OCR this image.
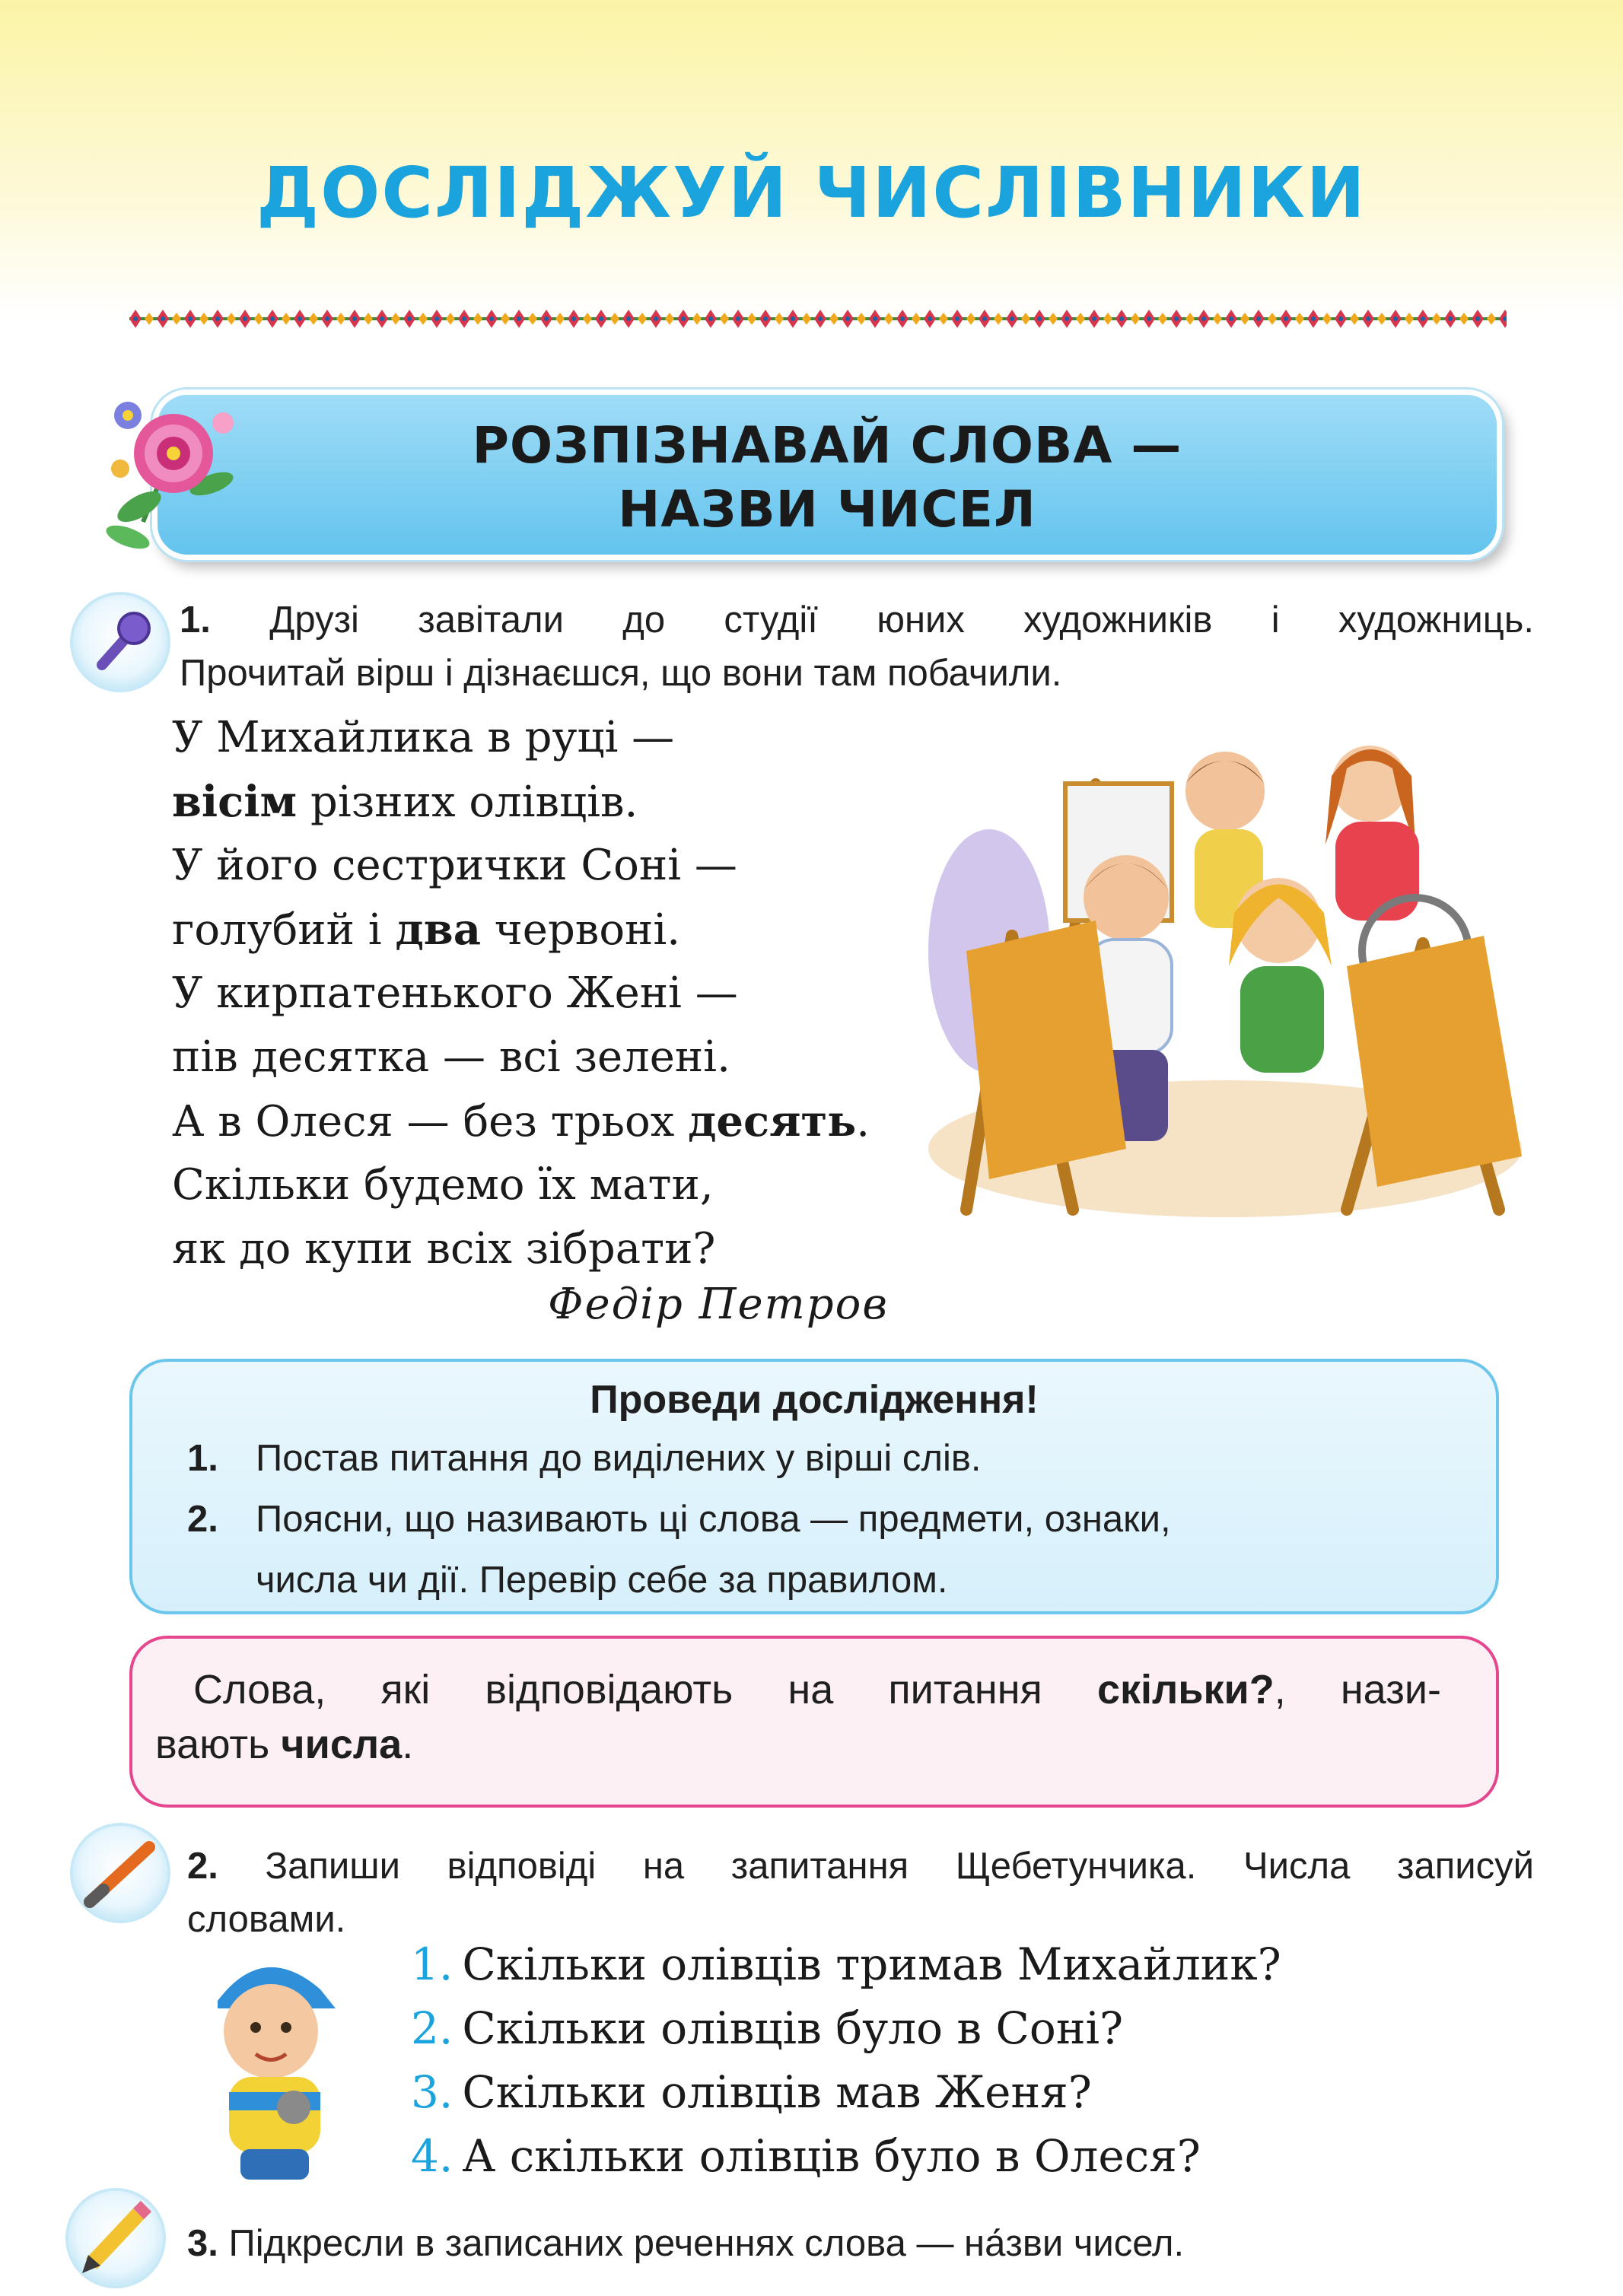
ДОСЛІДЖУЙ ЧИСЛІВНИКИ
РОЗПІЗНАВАЙ СЛОВА —
НАЗВИ ЧИСЕЛ
1. Друзі завітали до студії юних художників і художниць.
Прочитай вірш і дізнаєшся, що вони там побачили.
У Михайлика в руці —
вісім різних олівців.
У його сестрички Соні —
голубий і два червоні.
У кирпатенького Жені —
пів десятка — всі зелені.
А в Олеся — без трьох десять.
Скільки будемо їх мати,
як до купи всіх зібрати?
Федір Петров
Проведи дослідження!
1. Постав питання до виділених у вірші слів.
2. Поясни, що називають ці слова — предмети, ознаки,
числа чи дії. Перевір себе за правилом.
Слова, які відповідають на питання скільки?, нази-
вають числа.
2. Запиши відповіді на запитання Щебетунчика. Числа записуй
словами.
1. Скільки олівців тримав Михайлик?
2. Скільки олівців було в Соні?
3. Скільки олівців мав Женя?
4. А скільки олівців було в Олеся?
3. Підкресли в записаних реченнях слова — на́зви чисел.
